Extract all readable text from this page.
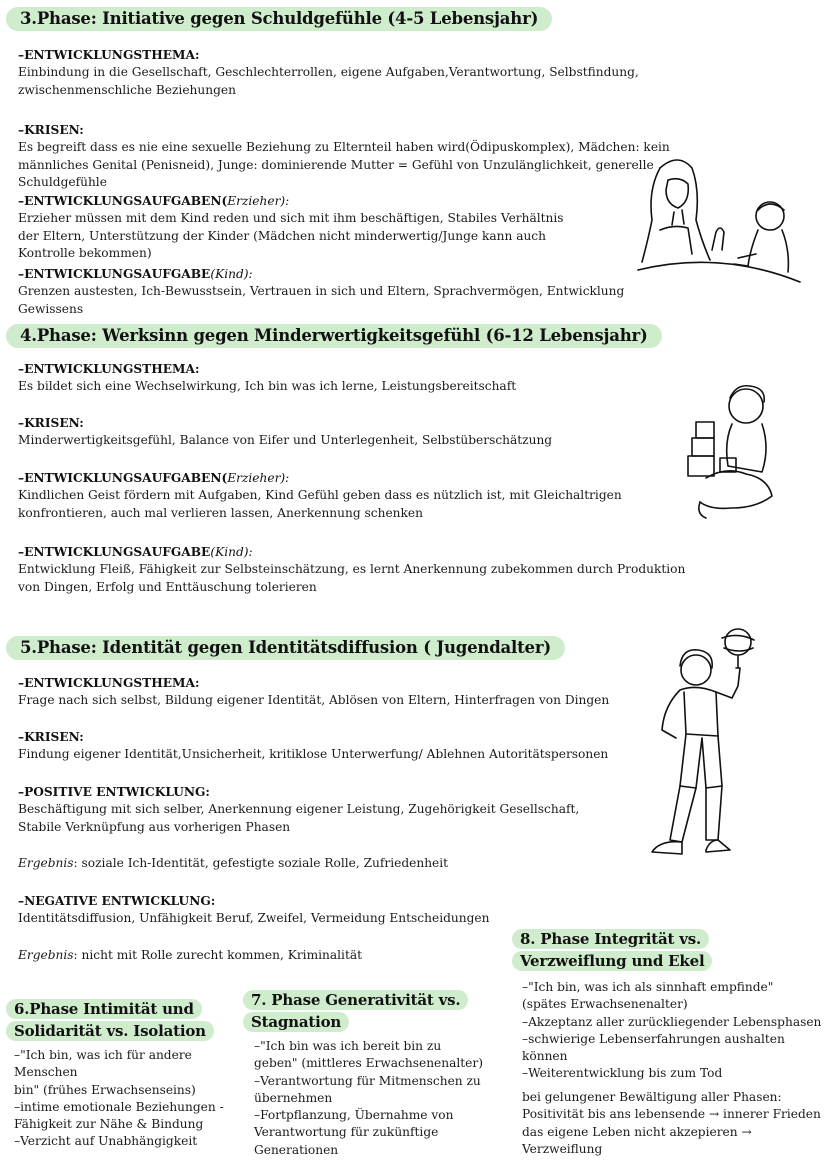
3.Phase: Initiative gegen Schuldgefühle (4-5 Lebensjahr)

–ENTWICKLUNGSTHEMA:

Einbindung in die Gesellschaft, Geschlechterrollen, eigene Aufgaben,Verantwortung, Selbstfindung, zwischenmenschliche Beziehungen

–KRISEN:

Es begreift dass es nie eine sexuelle Beziehung zu Elternteil haben wird(Ödipuskomplex), Mädchen: kein männliches Genital (Penisneid), Junge: dominierende Mutter = Gefühl von Unzulänglichkeit, generelle Schuldgefühle

–ENTWICKLUNGSAUFGABEN(Erzieher):

Erzieher müssen mit dem Kind reden und sich mit ihm beschäftigen, Stabiles Verhältnis der Eltern, Unterstützung der Kinder (Mädchen nicht minderwertig/Junge kann auch Kontrolle bekommen)

–ENTWICKLUNGSAUFGABE(Kind):

Grenzen austesten, Ich-Bewusstsein, Vertrauen in sich und Eltern, Sprachvermögen, Entwicklung Gewissens

4.Phase: Werksinn gegen Minderwertigkeitsgefühl (6-12 Lebensjahr)

–ENTWICKLUNGSTHEMA:

Es bildet sich eine Wechselwirkung, Ich bin was ich lerne, Leistungsbereitschaft

–KRISEN:

Minderwertigkeitsgefühl, Balance von Eifer und Unterlegenheit, Selbstüberschätzung

–ENTWICKLUNGSAUFGABEN(Erzieher):

Kindlichen Geist fördern mit Aufgaben, Kind Gefühl geben dass es nützlich ist, mit Gleichaltrigen konfrontieren, auch mal verlieren lassen, Anerkennung schenken

–ENTWICKLUNGSAUFGABE(Kind):

Entwicklung Fleiß, Fähigkeit zur Selbsteinschätzung, es lernt Anerkennung zubekommen durch Produktion von Dingen, Erfolg und Enttäuschung tolerieren

5.Phase: Identität gegen Identitätsdiffusion ( Jugendalter)

–ENTWICKLUNGSTHEMA:

Frage nach sich selbst, Bildung eigener Identität, Ablösen von Eltern, Hinterfragen von Dingen

–KRISEN:

Findung eigener Identität,Unsicherheit, kritiklose Unterwerfung/ Ablehnen Autoritätspersonen

–POSITIVE ENTWICKLUNG:

Beschäftigung mit sich selber, Anerkennung eigener Leistung, Zugehörigkeit Gesellschaft,

Stabile Verknüpfung aus vorherigen Phasen

Ergebnis: soziale Ich-Identität, gefestigte soziale Rolle, Zufriedenheit

–NEGATIVE ENTWICKLUNG:

Identitätsdiffusion, Unfähigkeit Beruf, Zweifel, Vermeidung Entscheidungen

Ergebnis: nicht mit Rolle zurecht kommen, Kriminalität

8. Phase Integrität vs.
Verzweiflung und Ekel

–"Ich bin, was ich als sinnhaft empfinde"

(spätes Erwachsenenalter)

–Akzeptanz aller zurückliegender Lebensphasen

–schwierige Lebenserfahrungen aushalten können

–Weiterentwicklung bis zum Tod

bei gelungener Bewältigung aller Phasen:

Positivität bis ans lebensende → innerer Frieden

das eigene Leben nicht akzepieren → Verzweiflung

7. Phase Generativität vs.
Stagnation

–"Ich bin was ich bereit bin zu

geben" (mittleres Erwachsenenalter)

–Verantwortung für Mitmenschen zu

übernehmen

–Fortpflanzung, Übernahme von

Verantwortung für zukünftige Generationen

6.Phase Intimität und
Solidarität vs. Isolation

–"Ich bin, was ich für andere Menschen

bin" (frühes Erwachsenseins)

–intime emotionale Beziehungen -

Fähigkeit zur Nähe & Bindung

–Verzicht auf Unabhängigkeit
